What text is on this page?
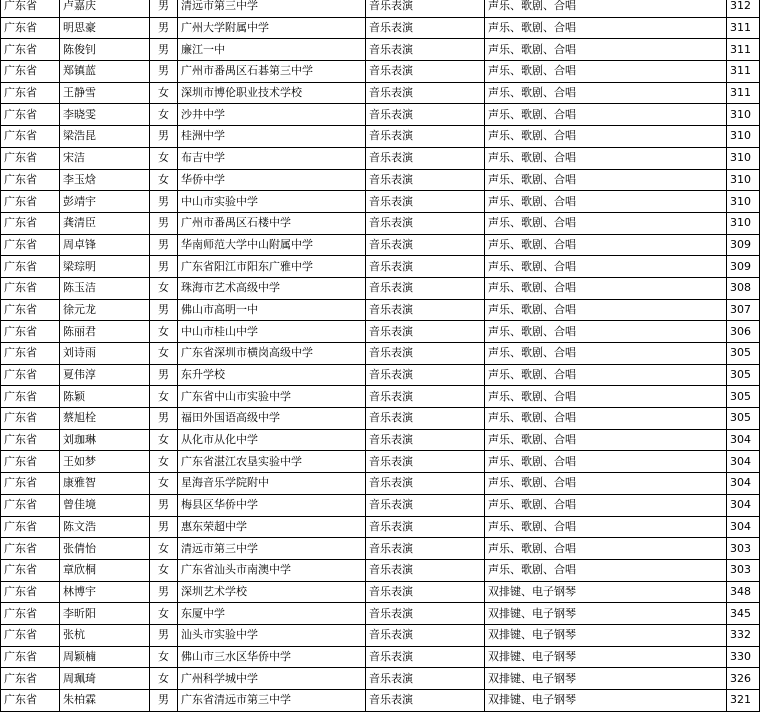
广东省	卢嘉庆	男	清远市第三中学	音乐表演	声乐、歌剧、合唱	312
广东省	明思豪	男	广州大学附属中学	音乐表演	声乐、歌剧、合唱	311
广东省	陈俊钊	男	廉江一中	音乐表演	声乐、歌剧、合唱	311
广东省	郑镇蓝	男	广州市番禺区石碁第三中学	音乐表演	声乐、歌剧、合唱	311
广东省	王静雪	女	深圳市博伦职业技术学校	音乐表演	声乐、歌剧、合唱	311
广东省	李晓雯	女	沙井中学	音乐表演	声乐、歌剧、合唱	310
广东省	梁浩昆	男	桂洲中学	音乐表演	声乐、歌剧、合唱	310
广东省	宋洁	女	布吉中学	音乐表演	声乐、歌剧、合唱	310
广东省	李玉焓	女	华侨中学	音乐表演	声乐、歌剧、合唱	310
广东省	彭靖宇	男	中山市实验中学	音乐表演	声乐、歌剧、合唱	310
广东省	龚清臣	男	广州市番禺区石楼中学	音乐表演	声乐、歌剧、合唱	310
广东省	周卓锋	男	华南师范大学中山附属中学	音乐表演	声乐、歌剧、合唱	309
广东省	梁琮明	男	广东省阳江市阳东广雅中学	音乐表演	声乐、歌剧、合唱	309
广东省	陈玉洁	女	珠海市艺术高级中学	音乐表演	声乐、歌剧、合唱	308
广东省	徐元龙	男	佛山市高明一中	音乐表演	声乐、歌剧、合唱	307
广东省	陈丽君	女	中山市桂山中学	音乐表演	声乐、歌剧、合唱	306
广东省	刘诗雨	女	广东省深圳市横岗高级中学	音乐表演	声乐、歌剧、合唱	305
广东省	夏伟淳	男	东升学校	音乐表演	声乐、歌剧、合唱	305
广东省	陈颖	女	广东省中山市实验中学	音乐表演	声乐、歌剧、合唱	305
广东省	蔡旭栓	男	福田外国语高级中学	音乐表演	声乐、歌剧、合唱	305
广东省	刘珈琳	女	从化市从化中学	音乐表演	声乐、歌剧、合唱	304
广东省	王如梦	女	广东省湛江农垦实验中学	音乐表演	声乐、歌剧、合唱	304
广东省	康雅智	女	星海音乐学院附中	音乐表演	声乐、歌剧、合唱	304
广东省	曾佳境	男	梅县区华侨中学	音乐表演	声乐、歌剧、合唱	304
广东省	陈文浩	男	惠东荣超中学	音乐表演	声乐、歌剧、合唱	304
广东省	张倩怡	女	清远市第三中学	音乐表演	声乐、歌剧、合唱	303
广东省	章欣桐	女	广东省汕头市南澳中学	音乐表演	声乐、歌剧、合唱	303
广东省	林博宇	男	深圳艺术学校	音乐表演	双排键、电子钢琴	348
广东省	李昕阳	女	东厦中学	音乐表演	双排键、电子钢琴	345
广东省	张杭	男	汕头市实验中学	音乐表演	双排键、电子钢琴	332
广东省	周颖楠	女	佛山市三水区华侨中学	音乐表演	双排键、电子钢琴	330
广东省	周珮琦	女	广州科学城中学	音乐表演	双排键、电子钢琴	326
广东省	朱柏霖	男	广东省清远市第三中学	音乐表演	双排键、电子钢琴	321
